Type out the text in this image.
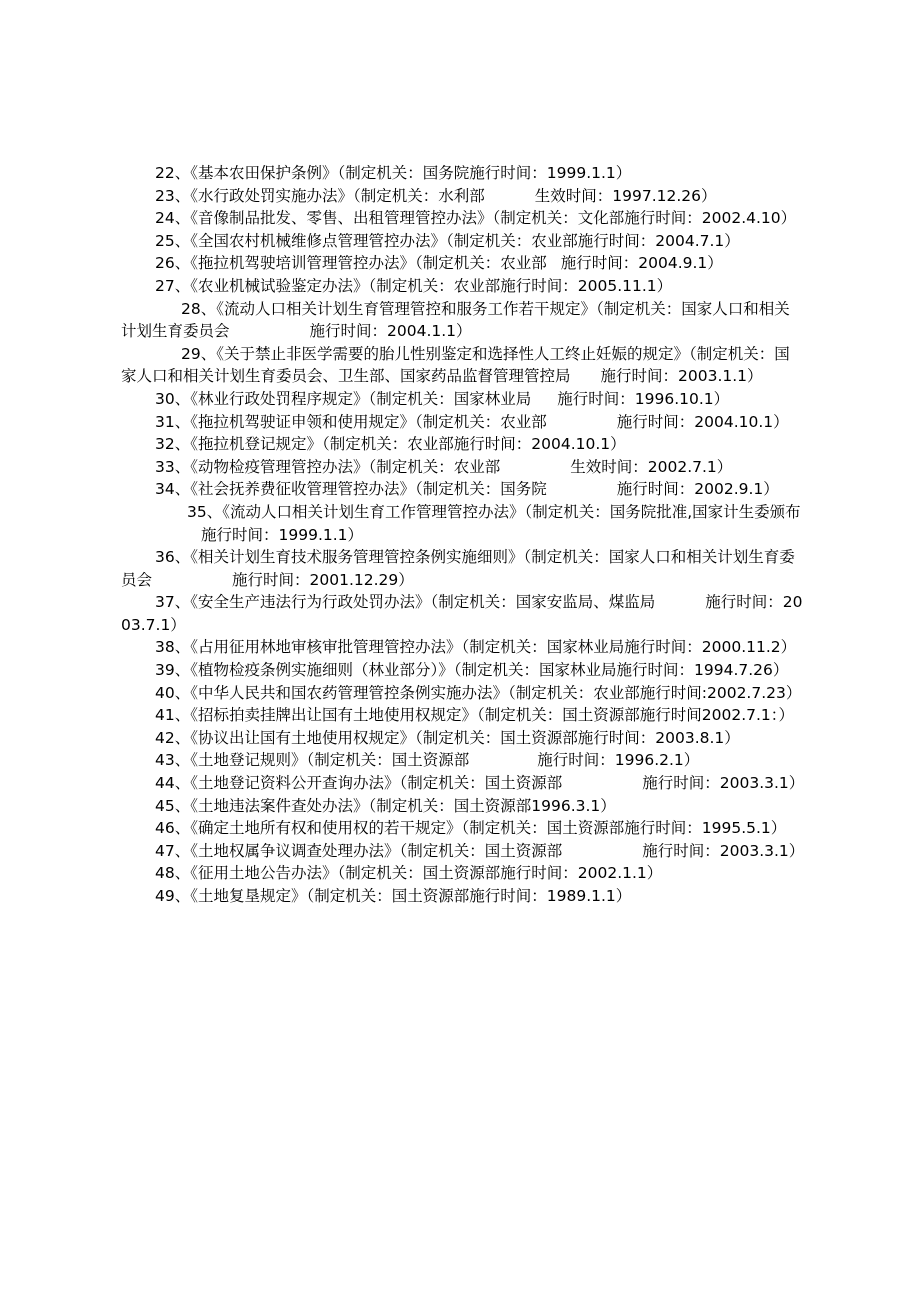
22、《基本农田保护条例》（制定机关：国务院施行时间：1999.1.1）

23、《水行政处罚实施办法》（制定机关：水利部	生效时间：1997.12.26）

24、《音像制品批发、零售、出租管理管控办法》（制定机关：文化部施行时间：2002.4.10）

25、《全国农村机械维修点管理管控办法》（制定机关：农业部施行时间：2004.7.1）

26、《拖拉机驾驶培训管理管控办法》（制定机关：农业部 施行时间：2004.9.1）

27、《农业机械试验鉴定办法》（制定机关：农业部施行时间：2005.11.1）

28、《流动人口相关计划生育管理管控和服务工作若干规定》（制定机关：国家人口和相关计划生育委员会	施行时间：2004.1.1）

29、《关于禁止非医学需要的胎儿性别鉴定和选择性人工终止妊娠的规定》（制定机关：国家人口和相关计划生育委员会、卫生部、国家药品监督管理管控局 施行时间：2003.1.1）

30、《林业行政处罚程序规定》（制定机关：国家林业局 施行时间：1996.10.1）

31、《拖拉机驾驶证申领和使用规定》（制定机关：农业部	施行时间：2004.10.1）

32、《拖拉机登记规定》（制定机关：农业部施行时间：2004.10.1）

33、《动物检疫管理管控办法》（制定机关：农业部	生效时间：2002.7.1）

34、《社会抚养费征收管理管控办法》（制定机关：国务院	施行时间：2002.9.1）

35、《流动人口相关计划生育工作管理管控办法》（制定机关：国务院批准,国家计生委颁布施行时间：1999.1.1）

36、《相关计划生育技术服务管理管控条例实施细则》（制定机关：国家人口和相关计划生育委员会	施行时间：2001.12.29）

37、《安全生产违法行为行政处罚办法》（制定机关：国家安监局、煤监局	施行时间：2003.7.1）

38、《占用征用林地审核审批管理管控办法》（制定机关：国家林业局施行时间：2000.11.2）

39、《植物检疫条例实施细则（林业部分）》（制定机关：国家林业局施行时间：1994.7.26）

40、《中华人民共和国农药管理管控条例实施办法》（制定机关：农业部施行时间:2002.7.23）

41、《招标拍卖挂牌出让国有土地使用权规定》（制定机关：国土资源部施行时间2002.7.1：）

42、《协议出让国有土地使用权规定》（制定机关：国土资源部施行时间：2003.8.1）

43、《土地登记规则》（制定机关：国土资源部	施行时间：1996.2.1）

44、《土地登记资料公开查询办法》（制定机关：国土资源部	施行时间：2003.3.1）

45、《土地违法案件查处办法》（制定机关：国土资源部1996.3.1）

46、《确定土地所有权和使用权的若干规定》（制定机关：国土资源部施行时间：1995.5.1）

47、《土地权属争议调查处理办法》（制定机关：国土资源部	施行时间：2003.3.1）

48、《征用土地公告办法》（制定机关：国土资源部施行时间：2002.1.1）

49、《土地复垦规定》（制定机关：国土资源部施行时间：1989.1.1）
